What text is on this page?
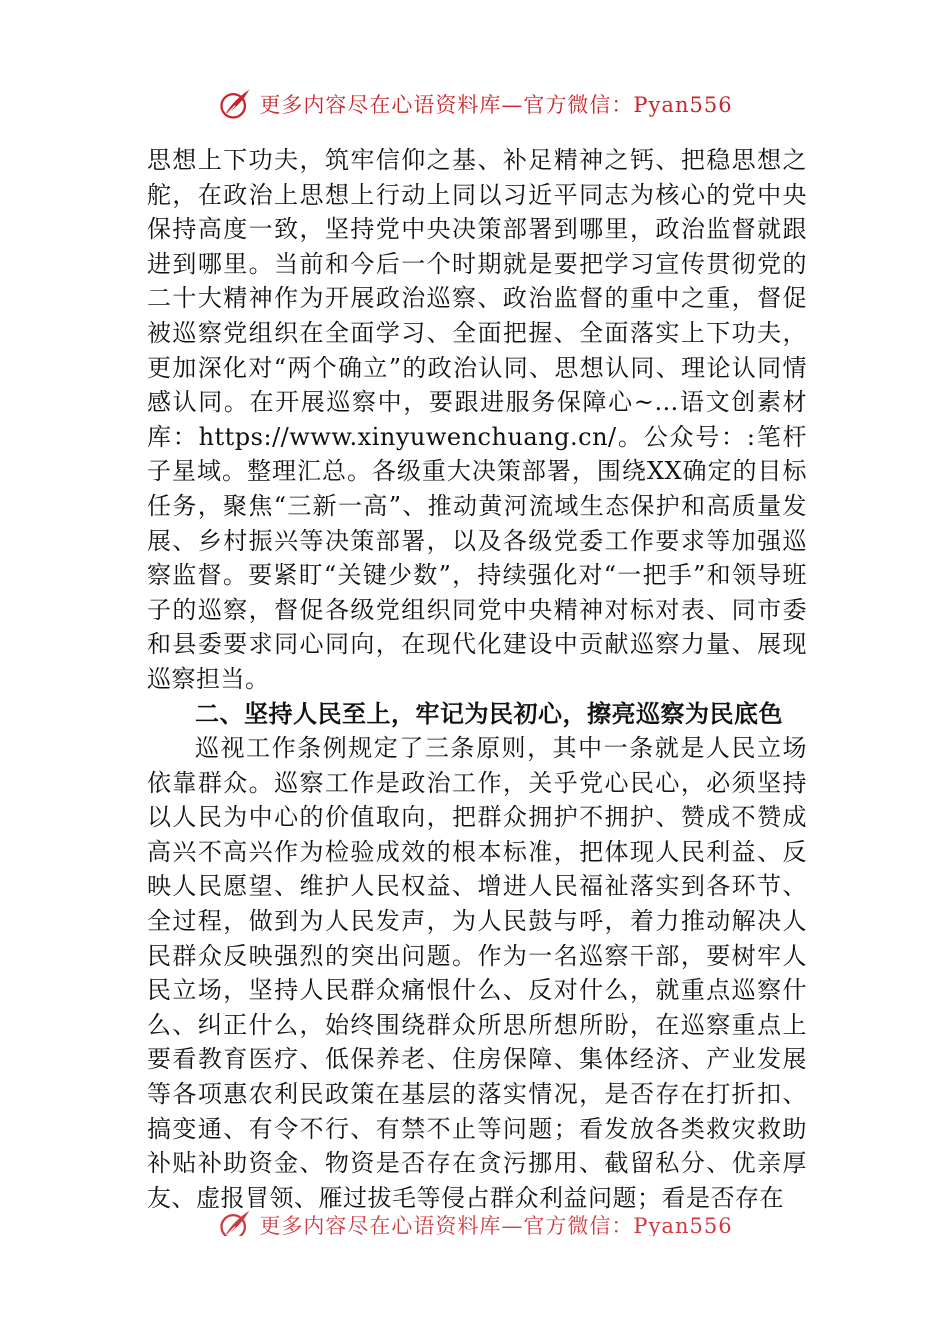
更多内容尽在心语资料库—官方微信：Pyan556

思想上下功夫，筑牢信仰之基、补足精神之钙、把稳思想之舵，在政治上思想上行动上同以习近平同志为核心的党中央保持高度一致，坚持党中央决策部署到哪里，政治监督就跟进到哪里。当前和今后一个时期就是要把学习宣传贯彻党的二十大精神作为开展政治巡察、政治监督的重中之重，督促被巡察党组织在全面学习、全面把握、全面落实上下功夫，更加深化对“两个确立”的政治认同、思想认同、理论认同情感认同。在开展巡察中，要跟进服务保障心~…语文创素材库：https://www.xinyuwenchuang.cn/。公众号：:笔杆子星域。整理汇总。各级重大决策部署，围绕XX确定的目标任务，聚焦“三新一高”、推动黄河流域生态保护和高质量发展、乡村振兴等决策部署，以及各级党委工作要求等加强巡察监督。要紧盯“关键少数”，持续强化对“一把手”和领导班子的巡察，督促各级党组织同党中央精神对标对表、同市委和县委要求同心同向，在现代化建设中贡献巡察力量、展现巡察担当。

二、坚持人民至上，牢记为民初心，擦亮巡察为民底色

巡视工作条例规定了三条原则，其中一条就是人民立场依靠群众。巡察工作是政治工作，关乎党心民心，必须坚持以人民为中心的价值取向，把群众拥护不拥护、赞成不赞成高兴不高兴作为检验成效的根本标准，把体现人民利益、反映人民愿望、维护人民权益、增进人民福祉落实到各环节、全过程，做到为人民发声，为人民鼓与呼，着力推动解决人民群众反映强烈的突出问题。作为一名巡察干部，要树牢人民立场，坚持人民群众痛恨什么、反对什么，就重点巡察什么、纠正什么，始终围绕群众所思所想所盼，在巡察重点上要看教育医疗、低保养老、住房保障、集体经济、产业发展等各项惠农利民政策在基层的落实情况，是否存在打折扣、搞变通、有令不行、有禁不止等问题；看发放各类救灾救助补贴补助资金、物资是否存在贪污挪用、截留私分、优亲厚友、虚报冒领、雁过拔毛等侵占群众利益问题；看是否存在

更多内容尽在心语资料库—官方微信：Pyan556
